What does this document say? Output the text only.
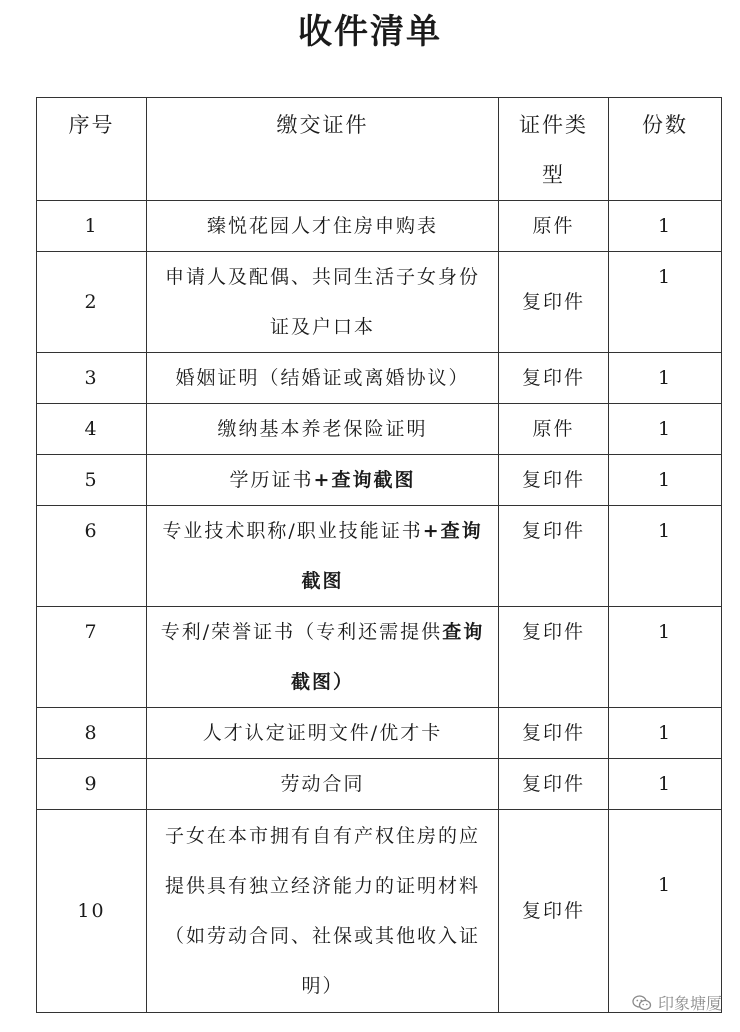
收件清单
序号	缴交证件	证件类型	份数
1	臻悦花园人才住房申购表	原件	1
2	申请人及配偶、共同生活子女身份证及户口本	复印件	1
3	婚姻证明（结婚证或离婚协议）	复印件	1
4	缴纳基本养老保险证明	原件	1
5	学历证书+查询截图	复印件	1
6	专业技术职称/职业技能证书+查询截图	复印件	1
7	专利/荣誉证书（专利还需提供查询截图）	复印件	1
8	人才认定证明文件/优才卡	复印件	1
9	劳动合同	复印件	1
10	子女在本市拥有自有产权住房的应提供具有独立经济能力的证明材料（如劳动合同、社保或其他收入证明）	复印件	1
印象塘厦
